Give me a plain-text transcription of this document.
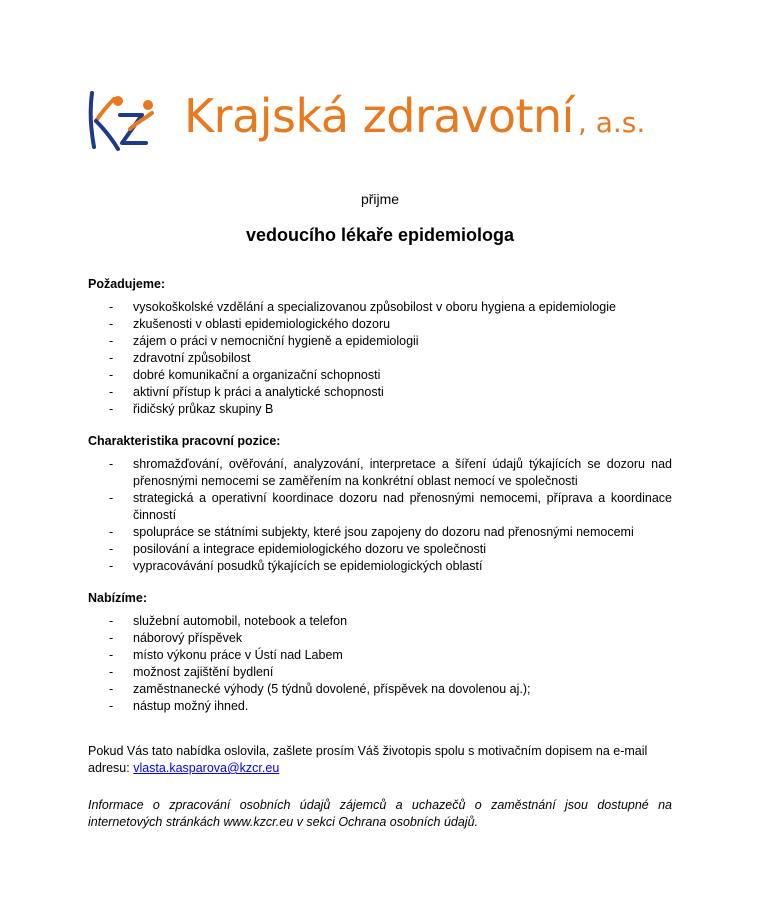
Krajská zdravotní , a.s.
přijme
vedoucího lékaře epidemiologa
Požadujeme:
- vysokoškolské vzdělání a specializovanou způsobilost v oboru hygiena a epidemiologie
- zkušenosti v oblasti epidemiologického dozoru
- zájem o práci v nemocniční hygieně a epidemiologii
- zdravotní způsobilost
- dobré komunikační a organizační schopnosti
- aktivní přístup k práci a analytické schopnosti
- řidičský průkaz skupiny B
Charakteristika pracovní pozice:
- shromažďování, ověřování, analyzování, interpretace a šíření údajů týkajících se dozoru nad přenosnými nemocemi se zaměřením na konkrétní oblast nemocí ve společnosti
- strategická a operativní koordinace dozoru nad přenosnými nemocemi, příprava a koordinace činností
- spolupráce se státními subjekty, které jsou zapojeny do dozoru nad přenosnými nemocemi
- posilování a integrace epidemiologického dozoru ve společnosti
- vypracovávání posudků týkajících se epidemiologických oblastí
Nabízíme:
- služební automobil, notebook a telefon
- náborový příspěvek
- místo výkonu práce v Ústí nad Labem
- možnost zajištění bydlení
- zaměstnanecké výhody (5 týdnů dovolené, příspěvek na dovolenou aj.);
- nástup možný ihned.
Pokud Vás tato nabídka oslovila, zašlete prosím Váš životopis spolu s motivačním dopisem na e-mail adresu: vlasta.kasparova@kzcr.eu
Informace o zpracování osobních údajů zájemců a uchazečů o zaměstnání jsou dostupné na internetových stránkách www.kzcr.eu v sekci Ochrana osobních údajů.
